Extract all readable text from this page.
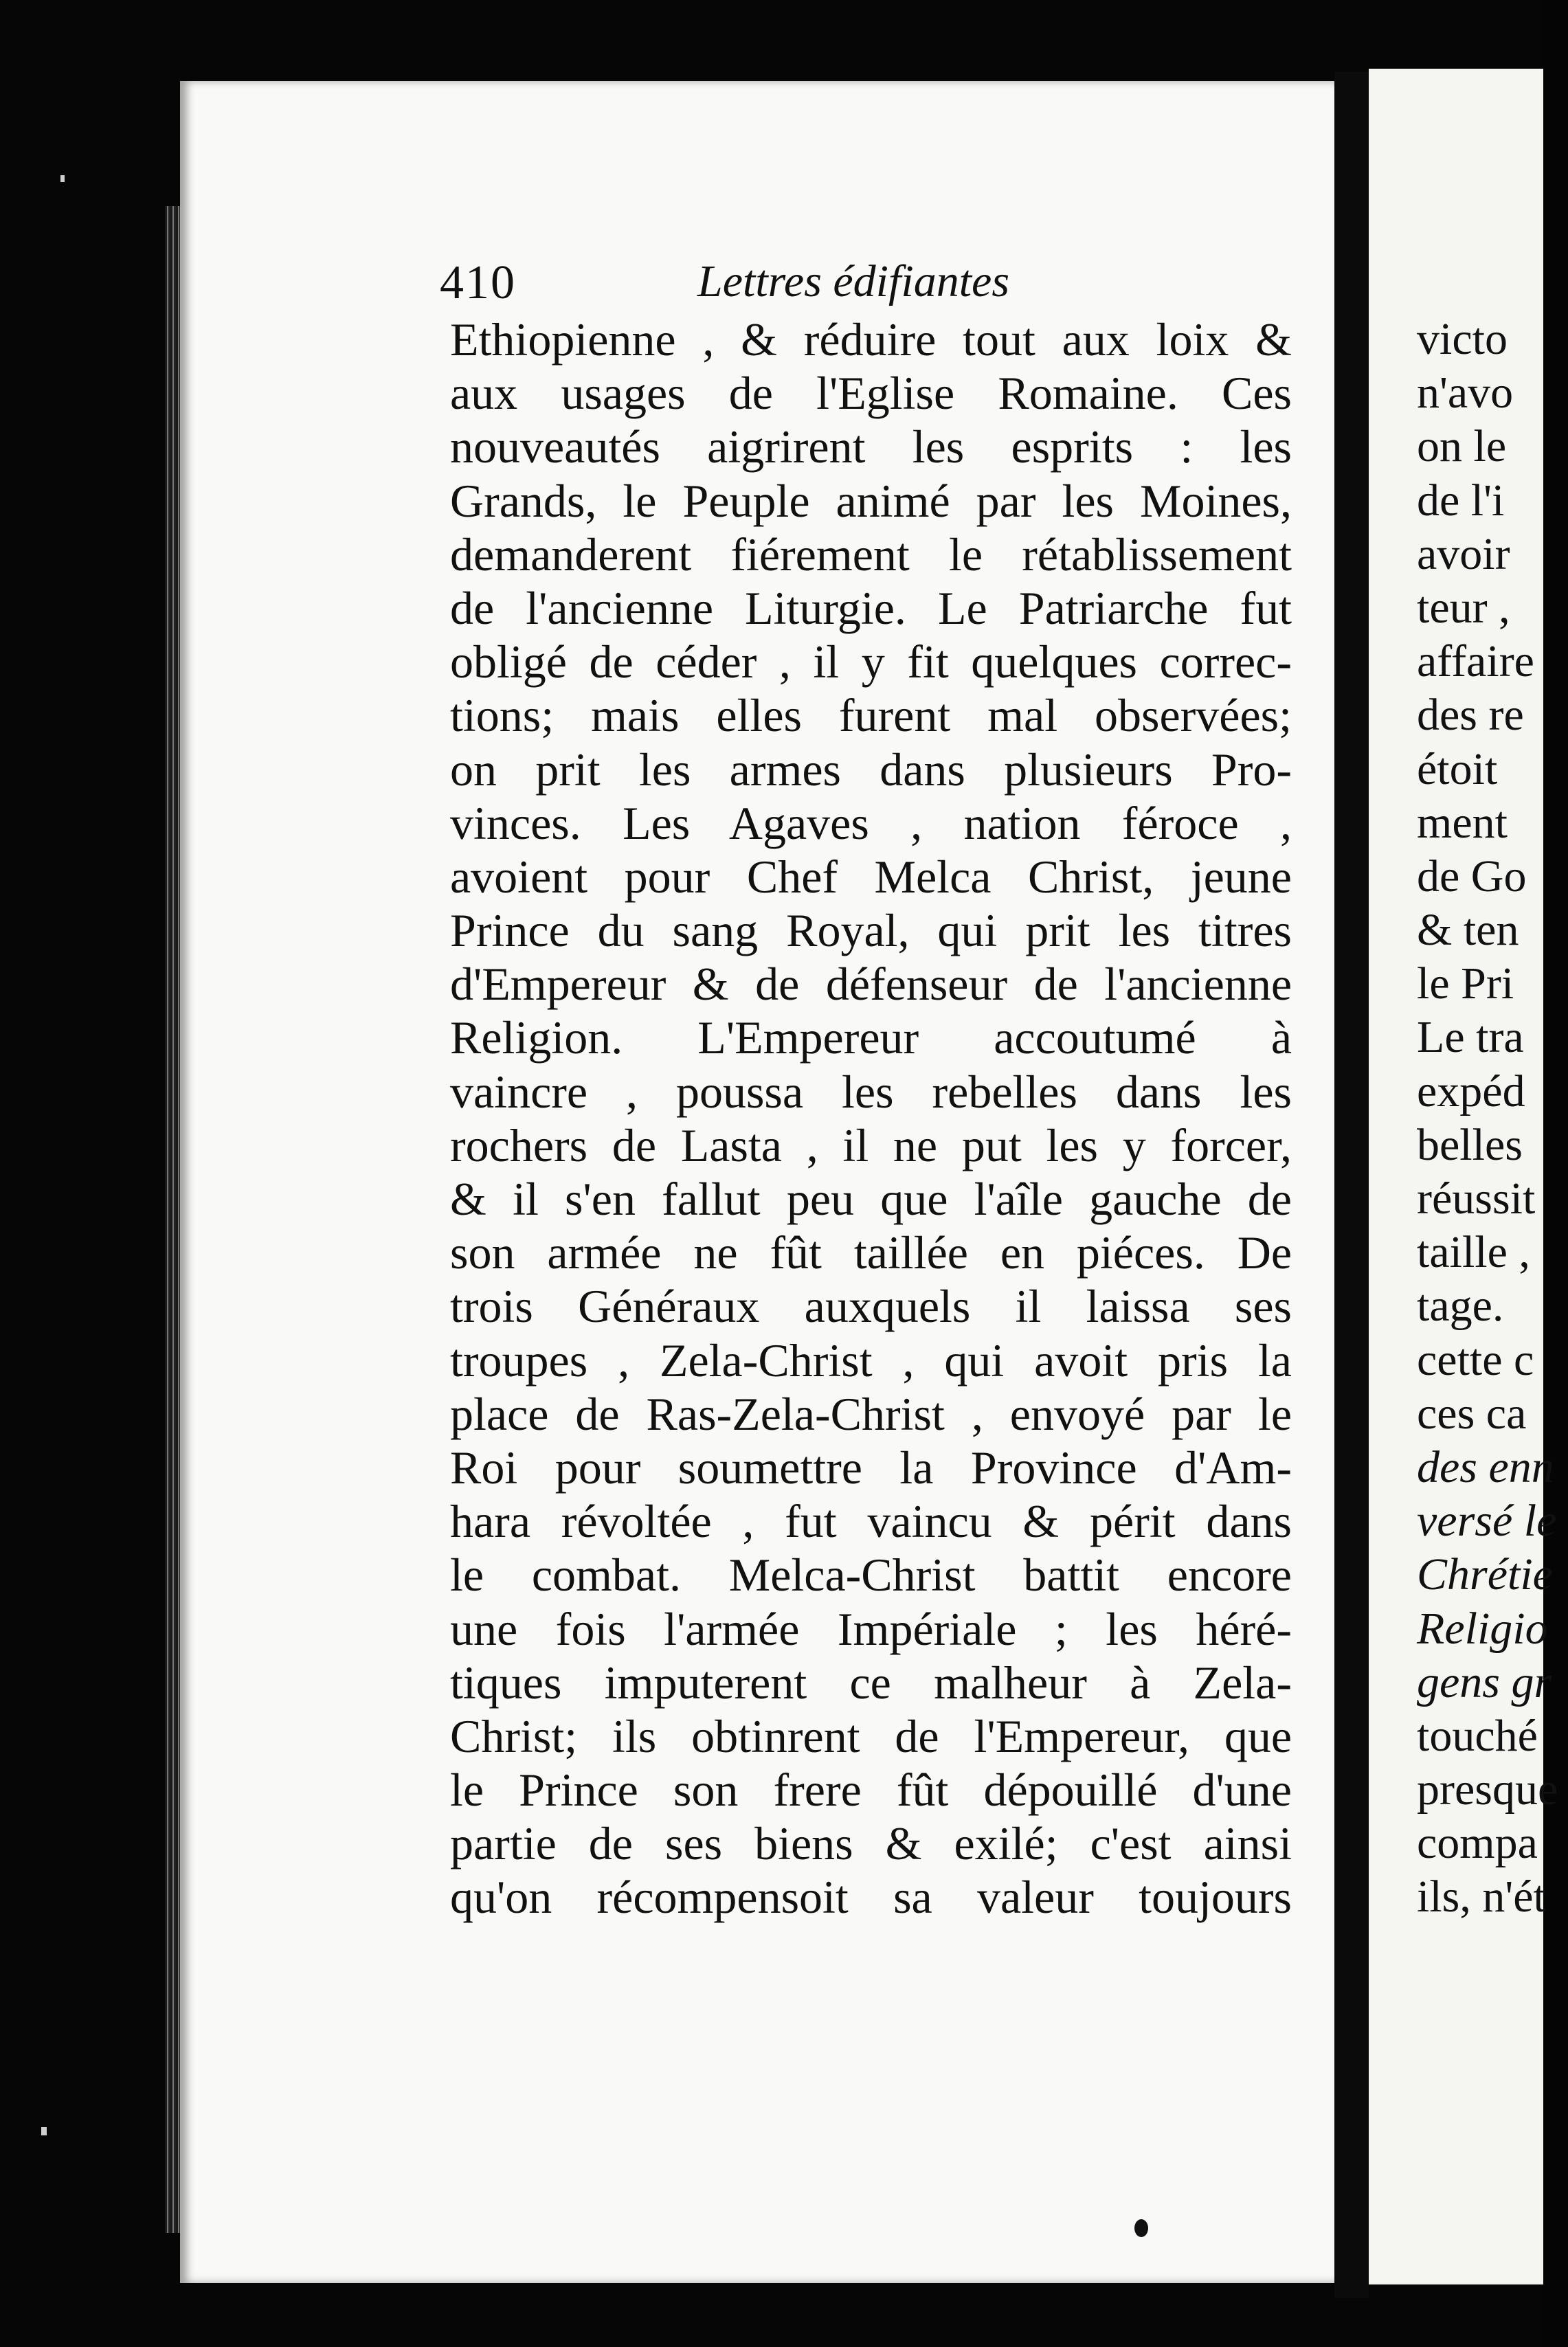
410	Lettres édifiantes
Ethiopienne , & réduire tout aux loix &
aux usages de l'Eglise Romaine. Ces
nouveautés aigrirent les esprits : les
Grands, le Peuple animé par les Moines,
demanderent fiérement le rétablissement
de l'ancienne Liturgie. Le Patriarche fut
obligé de céder , il y fit quelques correc-
tions; mais elles furent mal observées;
on prit les armes dans plusieurs Pro-
vinces. Les Agaves , nation féroce ,
avoient pour Chef Melca Christ, jeune
Prince du sang Royal, qui prit les titres
d'Empereur & de défenseur de l'ancienne
Religion. L'Empereur accoutumé à
vaincre , poussa les rebelles dans les
rochers de Lasta , il ne put les y forcer,
& il s'en fallut peu que l'aîle gauche de
son armée ne fût taillée en piéces. De
trois Généraux auxquels il laissa ses
troupes , Zela-Christ , qui avoit pris la
place de Ras-Zela-Christ , envoyé par le
Roi pour soumettre la Province d'Am-
hara révoltée , fut vaincu & périt dans
le combat. Melca-Christ battit encore
une fois l'armée Impériale ; les héré-
tiques imputerent ce malheur à Zela-
Christ; ils obtinrent de l'Empereur, que
le Prince son frere fût dépouillé d'une
partie de ses biens & exilé; c'est ainsi
qu'on récompensoit sa valeur toujours
victo
n'avo
on le
de l'i
avoir
teur ,
affaire
des re
étoit
ment
de Go
& ten
le Pri
Le tra
expéd
belles
réussit
taille ,
tage.
cette c
ces ca
des enn
versé le
Chrétie
Religio
gens gr
touché
presque
compa
ils, n'ét
